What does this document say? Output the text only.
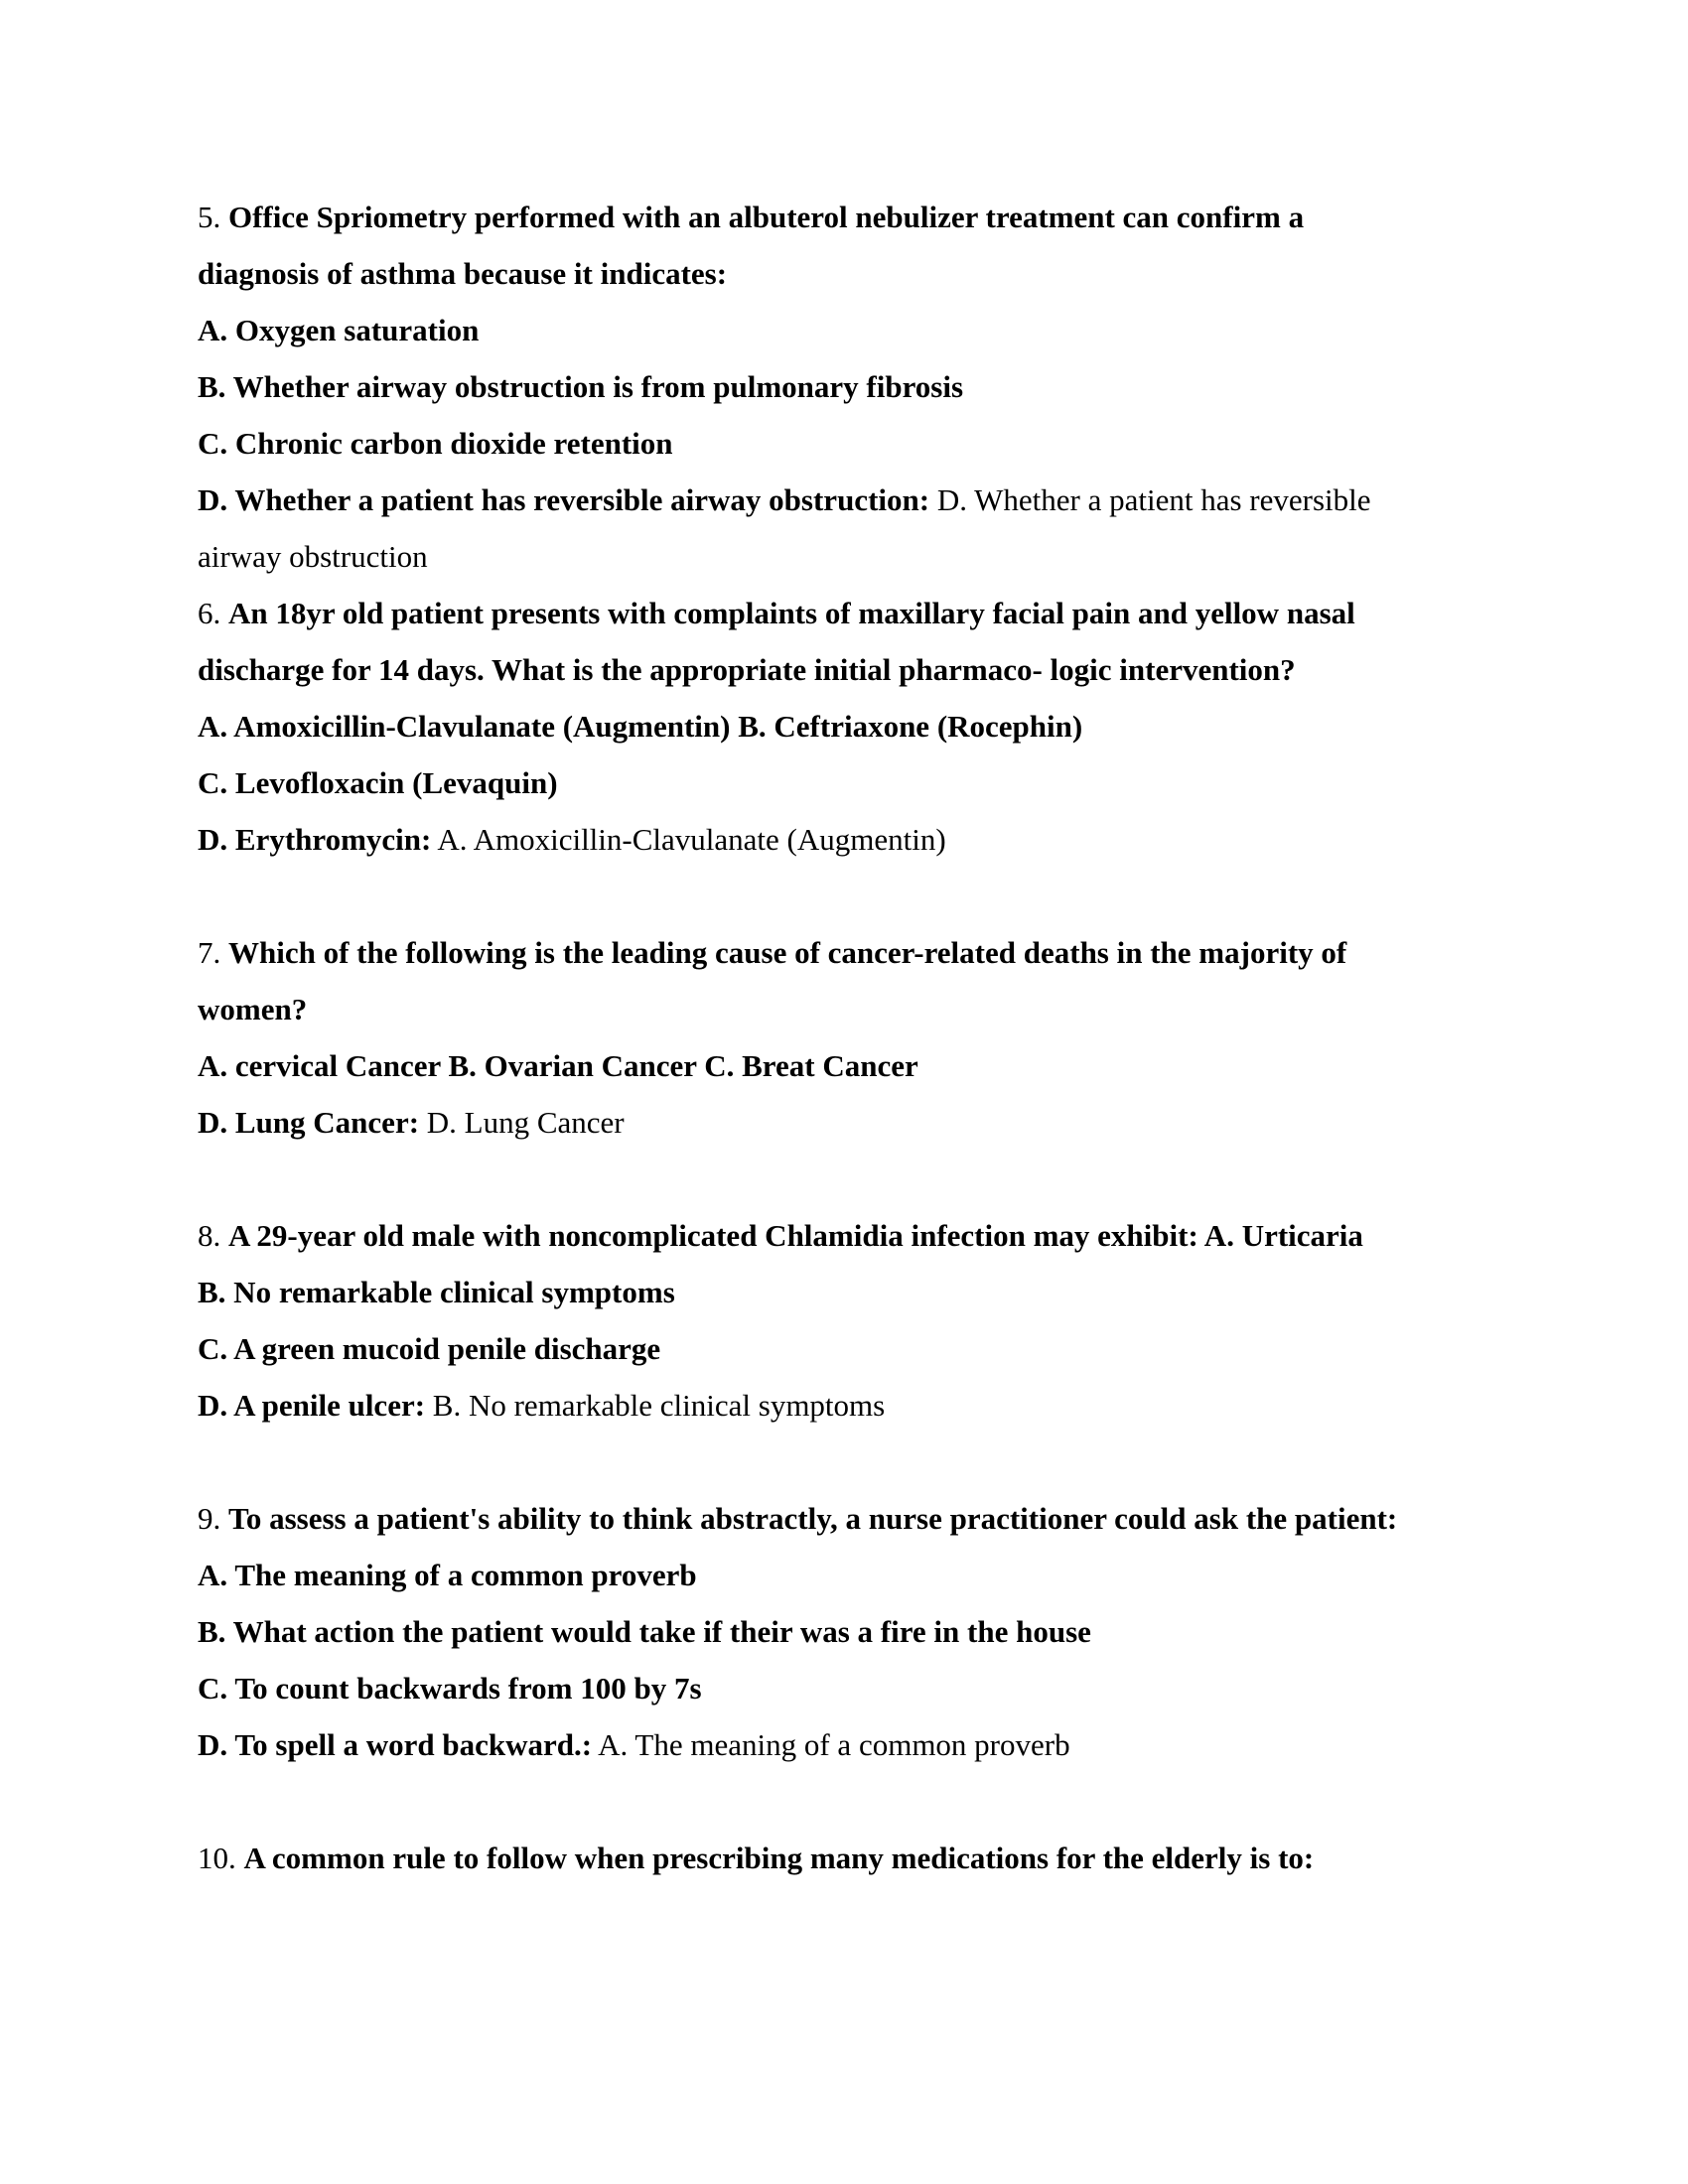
5. Office Spriometry performed with an albuterol nebulizer treatment can confirm a
diagnosis of asthma because it indicates:
A. Oxygen saturation
B. Whether airway obstruction is from pulmonary fibrosis
C. Chronic carbon dioxide retention
D. Whether a patient has reversible airway obstruction: D. Whether a patient has reversible
airway obstruction
6. An 18yr old patient presents with complaints of maxillary facial pain and yellow nasal
discharge for 14 days. What is the appropriate initial pharmaco- logic intervention?
A. Amoxicillin-Clavulanate (Augmentin) B. Ceftriaxone (Rocephin)
C. Levofloxacin (Levaquin)
D. Erythromycin: A. Amoxicillin-Clavulanate (Augmentin)
7. Which of the following is the leading cause of cancer-related deaths in the majority of
women?
A. cervical Cancer B. Ovarian Cancer C. Breat Cancer
D. Lung Cancer: D. Lung Cancer
8. A 29-year old male with noncomplicated Chlamidia infection may exhibit: A. Urticaria
B. No remarkable clinical symptoms
C. A green mucoid penile discharge
D. A penile ulcer: B. No remarkable clinical symptoms
9. To assess a patient's ability to think abstractly, a nurse practitioner could ask the patient:
A. The meaning of a common proverb
B. What action the patient would take if their was a fire in the house
C. To count backwards from 100 by 7s
D. To spell a word backward.: A. The meaning of a common proverb
10. A common rule to follow when prescribing many medications for the elderly is to:
